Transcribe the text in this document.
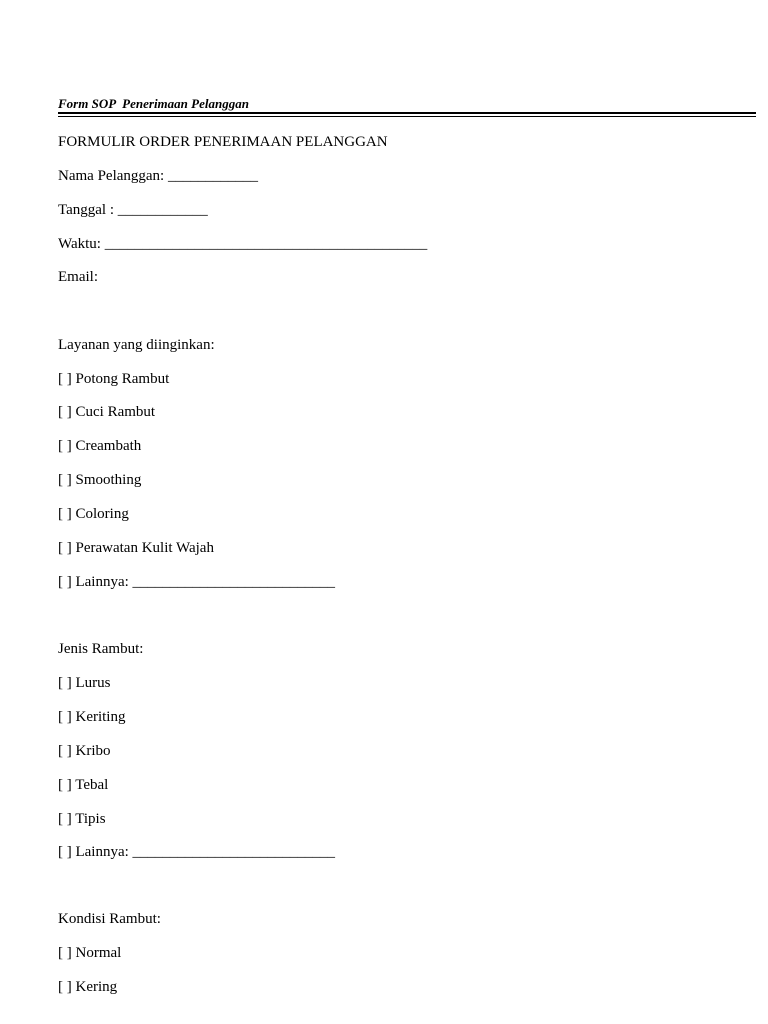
Form SOP  Penerimaan Pelanggan
FORMULIR ORDER PENERIMAAN PELANGGAN
Nama Pelanggan: ____________
Tanggal : ____________
Waktu: ___________________________________________
Email:
Layanan yang diinginkan:
[ ] Potong Rambut
[ ] Cuci Rambut
[ ] Creambath
[ ] Smoothing
[ ] Coloring
[ ] Perawatan Kulit Wajah
[ ] Lainnya: ___________________________
Jenis Rambut:
[ ] Lurus
[ ] Keriting
[ ] Kribo
[ ] Tebal
[ ] Tipis
[ ] Lainnya: ___________________________
Kondisi Rambut:
[ ] Normal
[ ] Kering
